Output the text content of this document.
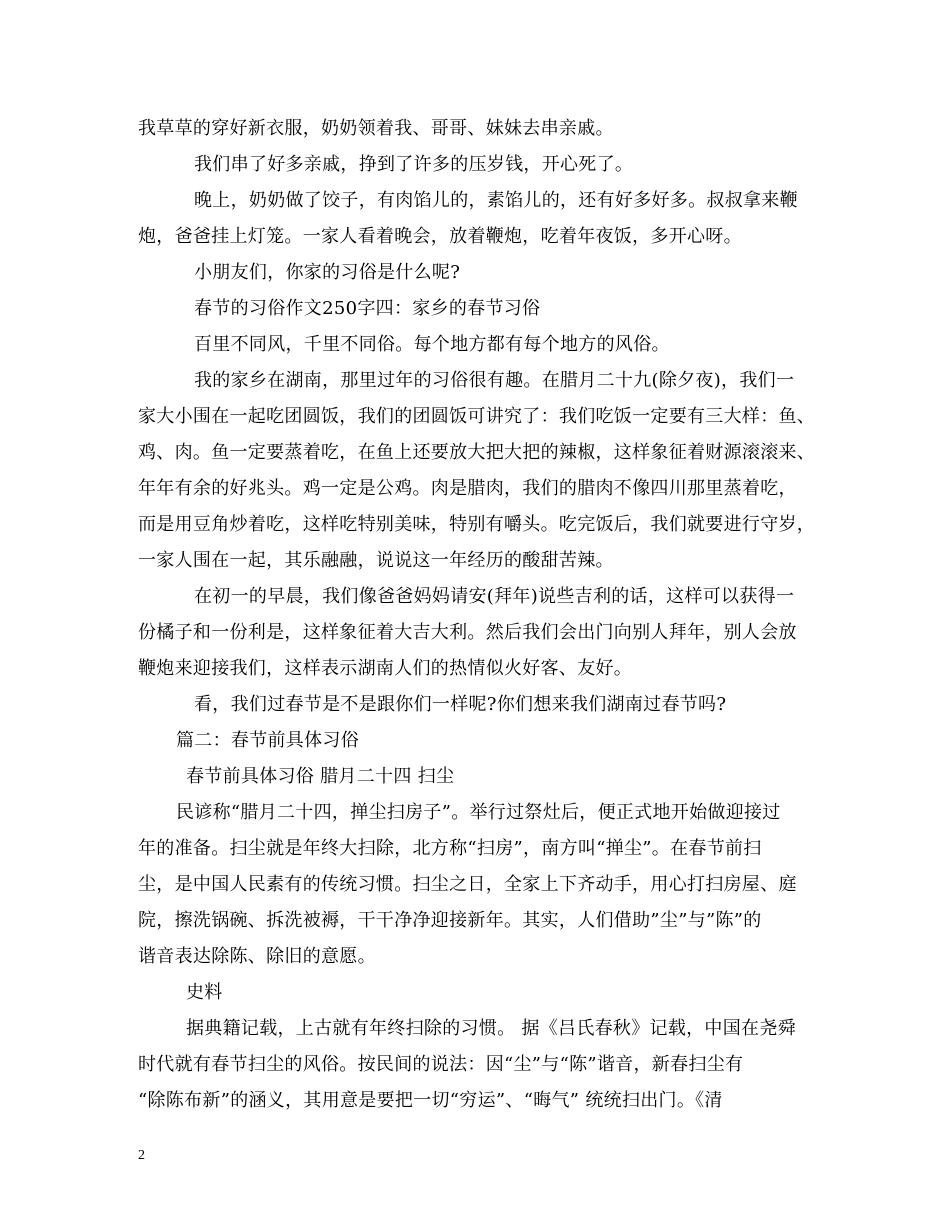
我草草的穿好新衣服，奶奶领着我、哥哥、妹妹去串亲戚。
我们串了好多亲戚，挣到了许多的压岁钱，开心死了。
晚上，奶奶做了饺子，有肉馅儿的，素馅儿的，还有好多好多。叔叔拿来鞭
炮，爸爸挂上灯笼。一家人看着晚会，放着鞭炮，吃着年夜饭，多开心呀。
小朋友们，你家的习俗是什么呢?
春节的习俗作文250字四：家乡的春节习俗
百里不同风，千里不同俗。每个地方都有每个地方的风俗。
我的家乡在湖南，那里过年的习俗很有趣。在腊月二十九(除夕夜)，我们一
家大小围在一起吃团圆饭，我们的团圆饭可讲究了：我们吃饭一定要有三大样：鱼、
鸡、肉。鱼一定要蒸着吃，在鱼上还要放大把大把的辣椒，这样象征着财源滚滚来、
年年有余的好兆头。鸡一定是公鸡。肉是腊肉，我们的腊肉不像四川那里蒸着吃，
而是用豆角炒着吃，这样吃特别美味，特别有嚼头。吃完饭后，我们就要进行守岁，
一家人围在一起，其乐融融，说说这一年经历的酸甜苦辣。
在初一的早晨，我们像爸爸妈妈请安(拜年)说些吉利的话，这样可以获得一
份橘子和一份利是，这样象征着大吉大利。然后我们会出门向别人拜年，别人会放
鞭炮来迎接我们，这样表示湖南人们的热情似火好客、友好。
看，我们过春节是不是跟你们一样呢?你们想来我们湖南过春节吗?
篇二：春节前具体习俗
春节前具体习俗 腊月二十四 扫尘
民谚称“腊月二十四，掸尘扫房子”。举行过祭灶后，便正式地开始做迎接过
年的准备。扫尘就是年终大扫除，北方称“扫房”，南方叫“掸尘”。在春节前扫
尘，是中国人民素有的传统习惯。扫尘之日，全家上下齐动手，用心打扫房屋、庭
院，擦洗锅碗、拆洗被褥，干干净净迎接新年。其实，人们借助”尘”与”陈”的
谐音表达除陈、除旧的意愿。
史料
据典籍记载，上古就有年终扫除的习惯。 据《吕氏春秋》记载，中国在尧舜
时代就有春节扫尘的风俗。按民间的说法：因“尘”与“陈”谐音，新春扫尘有
“除陈布新”的涵义，其用意是要把一切“穷运”、“晦气” 统统扫出门。《清
2
